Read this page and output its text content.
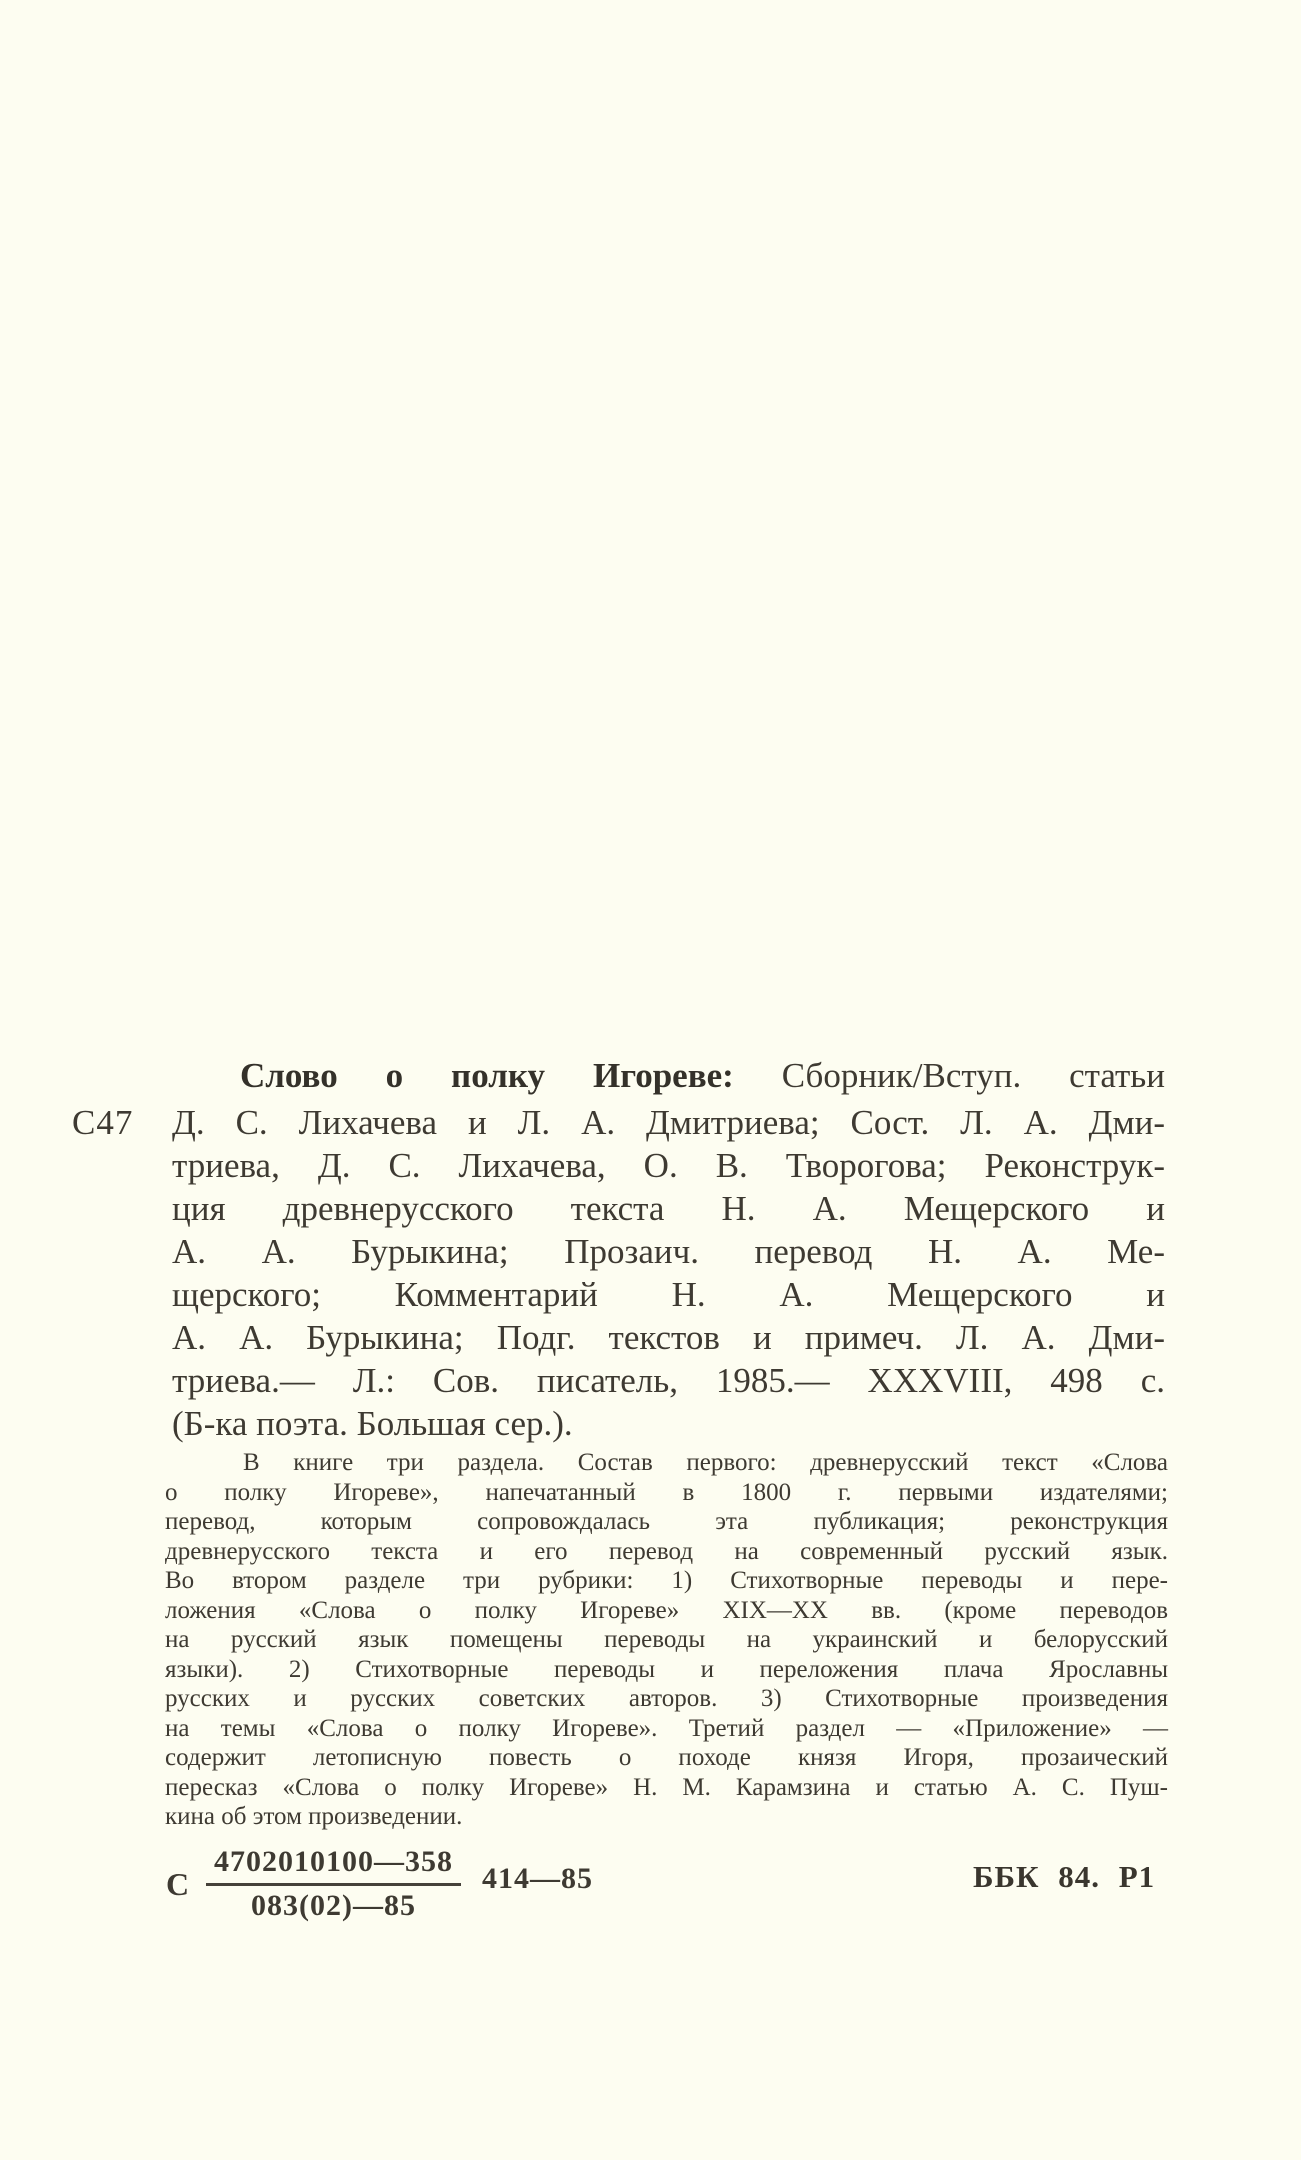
Слово о полку Игореве: Сборник/Вступ. статьи
С47 Д. С. Лихачева и Л. А. Дмитриева; Сост. Л. А. Дми-
триева, Д. С. Лихачева, О. В. Творогова; Реконструк-
ция древнерусского текста Н. А. Мещерского и
А. А. Бурыкина; Прозаич. перевод Н. А. Ме-
щерского; Комментарий Н. А. Мещерского и
А. А. Бурыкина; Подг. текстов и примеч. Л. А. Дми-
триева.— Л.: Сов. писатель, 1985.— XXXVIII, 498 с.
(Б-ка поэта. Большая сер.).
В книге три раздела. Состав первого: древнерусский текст «Слова
о полку Игореве», напечатанный в 1800 г. первыми издателями;
перевод, которым сопровождалась эта публикация; реконструкция
древнерусского текста и его перевод на современный русский язык.
Во втором разделе три рубрики: 1) Стихотворные переводы и пере-
ложения «Слова о полку Игореве» XIX—XX вв. (кроме переводов
на русский язык помещены переводы на украинский и белорусский
языки). 2) Стихотворные переводы и переложения плача Ярославны
русских и русских советских авторов. 3) Стихотворные произведения
на темы «Слова о полку Игореве». Третий раздел — «Приложение» —
содержит летописную повесть о походе князя Игоря, прозаический
пересказ «Слова о полку Игореве» Н. М. Карамзина и статью А. С. Пуш-
кина об этом произведении.
С $\frac{4702010100—358}{083(02)—85}$ 414—85	ББК 84. Р1
